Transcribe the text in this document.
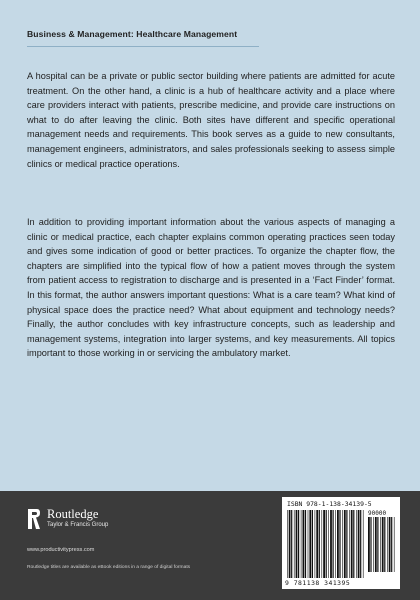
Business & Management: Healthcare Management

A hospital can be a private or public sector building where patients are admitted for acute treatment. On the other hand, a clinic is a hub of healthcare activity and a place where care providers interact with patients, prescribe medicine, and provide care instructions on what to do after leaving the clinic. Both sites have different and specific operational management needs and requirements. This book serves as a guide to new consultants, management engineers, administrators, and sales professionals seeking to assess simple clinics or medical practice operations.

In addition to providing important information about the various aspects of managing a clinic or medical practice, each chapter explains common operating practices seen today and gives some indication of good or better practices. To organize the chapter flow, the chapters are simplified into the typical flow of how a patient moves through the system from patient access to registration to discharge and is presented in a ‘Fact Finder’ format. In this format, the author answers important questions: What is a care team? What kind of physical space does the practice need? What about equipment and technology needs? Finally, the author concludes with key infrastructure concepts, such as leadership and management systems, integration into larger systems, and key measurements. All topics important to those working in or servicing the ambulatory market.

Routledge
Taylor & Francis Group
www.productivitypress.com
Routledge titles are available as eBook editions in a range of digital formats
ISBN 978-1-138-34139-5
90000
9 781138 341395
